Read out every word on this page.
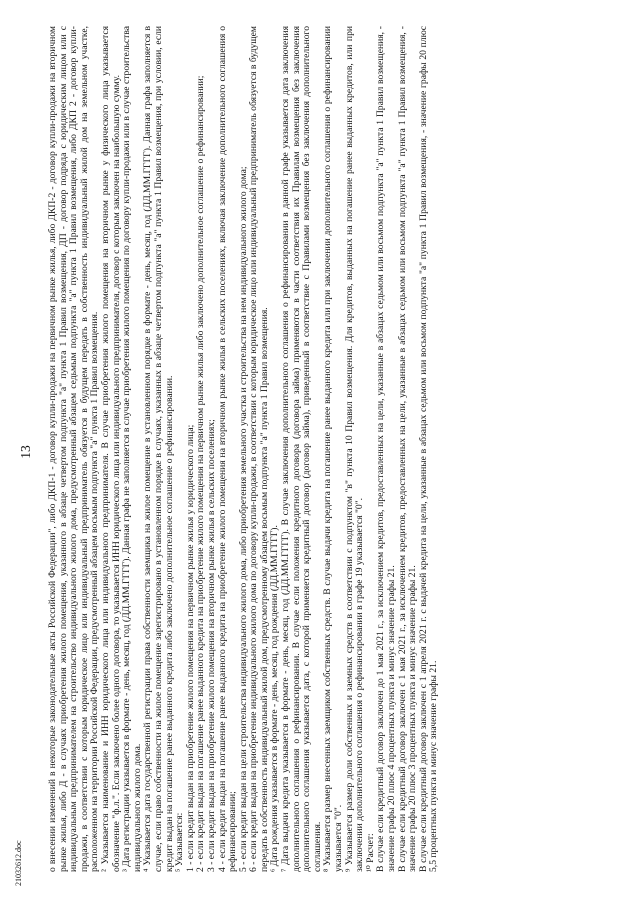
13 о внесении изменений в некоторые законодательные акты Российской Федерации", либо ДКП-1 - договор купли-продажи на первичном рынке жилья, либо ДКП-2 - договор купли-продажи на вторичном рынке жилья, либо Д - в случаях приобретения жилого помещения, указанного в абзаце четвертом подпункта "а" пункта 1 Правил возмещения, ДП - договор подряда с юридическим лицом или с индивидуальным предпринимателем на строительство индивидуального жилого дома, предусмотренный абзацем седьмым подпункта "а" пункта 1 Правил возмещения, либо ДКП 2 - договор купли-продажи, в соответствии с которым юридическое лицо или индивидуальный предприниматель обязуется в будущем передать в собственность индивидуальный жилой дом на земельном участке, расположенном на территории Российской Федерации, предусмотренный абзацем восьмым подпункта "а" пункта 1 Правил возмещения. ² Указывается наименование и ИНН юридического лица или индивидуального предпринимателя. В случае приобретения жилого помещения на вторичном рынке у физического лица указывается обозначение "ф.л.". Если заключено более одного договора, то указывается ИНН юридического лица или индивидуального предпринимателя, договор с которым заключен на наибольшую сумму. ³ Дата регистрации указывается в формате - день, месяц, год (ДД.ММ.ГГГГ). Данная графа не заполняется в случае приобретения жилого помещения по договору купли-продажи или в случае строительства индивидуального жилого дома. ⁴ Указывается дата государственной регистрации права собственности заемщика на жилое помещение в установленном порядке в формате - день, месяц, год (ДД.ММ.ГГГГ). Данная графа заполняется в случае, если право собственности на жилое помещение зарегистрировано в установленном порядке в случаях, указанных в абзаце четвертом подпункта "а" пункта 1 Правил возмещения, при условии, если кредит выдан на погашение ранее выданного кредита либо заключено дополнительное соглашение о рефинансировании. ⁵ Указывается: 1 - если кредит выдан на приобретение жилого помещения на первичном рынке жилья у юридического лица; 2 - если кредит выдан на погашение ранее выданного кредита на приобретение жилого помещения на первичном рынке жилья либо заключено дополнительное соглашение о рефинансировании; 3 - если кредит выдан на приобретение жилого помещения на вторичном рынке жилья в сельских поселениях; 4 - если кредит выдан на погашение ранее выданного кредита на приобретение жилого помещения на вторичном рынке жилья в сельских поселениях, включая заключение дополнительного соглашения о рефинансировании; 5 - если кредит выдан на цели строительства индивидуального жилого дома, либо приобретения земельного участка и строительства на нем индивидуального жилого дома; 6 - если кредит выдан на приобретение индивидуального жилого дома по договору купли-продажи, в соответствии с которым юридическое лицо или индивидуальный предприниматель обязуется в будущем передать в собственность индивидуальный жилой дом, предусмотренному абзацем восьмым подпункта "а" пункта 1 Правил возмещения. ⁶ Дата рождения указывается в формате - день, месяц, год рождения (ДД.ММ.ГГГГ). ⁷ Дата выдачи кредита указывается в формате - день, месяц, год (ДД.ММ.ГГГГ). В случае заключения дополнительного соглашения о рефинансировании в данной графе указывается дата заключения дополнительного соглашения о рефинансировании. В случае если положения кредитного договора (договора займа) применяются в части соответствия их Правилам возмещения без заключения дополнительного соглашения указывается дата, с которой применяется кредитный договор (договор займа), приведенный в соответствие с Правилами возмещения без заключения дополнительного соглашения. ⁸ Указывается размер внесенных заемщиком собственных средств. В случае выдачи кредита на погашение ранее выданного кредита или при заключении дополнительного соглашения о рефинансировании указывается "0". ⁹ Указывается размер доли собственных и заемных средств в соответствии с подпунктом "в" пункта 10 Правил возмещения. Для кредитов, выданных на погашение ранее выданных кредитов, или при заключении дополнительного соглашения о рефинансировании в графе 19 указывается "0". ¹⁰ Расчет: В случае если кредитный договор заключен до 1 мая 2021 г., за исключением кредитов, предоставленных на цели, указанные в абзацах седьмом или восьмом подпункта "а" пункта 1 Правил возмещения, - значение графы 20 плюс 4 процентных пункта и минус значение графы 21. В случае если кредитный договор заключен с 1 мая 2021 г., за исключением кредитов, предоставленных на цели, указанные в абзацах седьмом или восьмом подпункта "а" пункта 1 Правил возмещения, - значение графы 20 плюс 3 процентных пункта и минус значение графы 21. В случае если кредитный договор заключен с 1 апреля 2021 г. с выдачей кредита на цели, указанные в абзацах седьмом или восьмом подпункта "а" пункта 1 Правил возмещения, - значение графы 20 плюс 5,5 процентных пункта и минус значение графы 21.

21032612.doc
